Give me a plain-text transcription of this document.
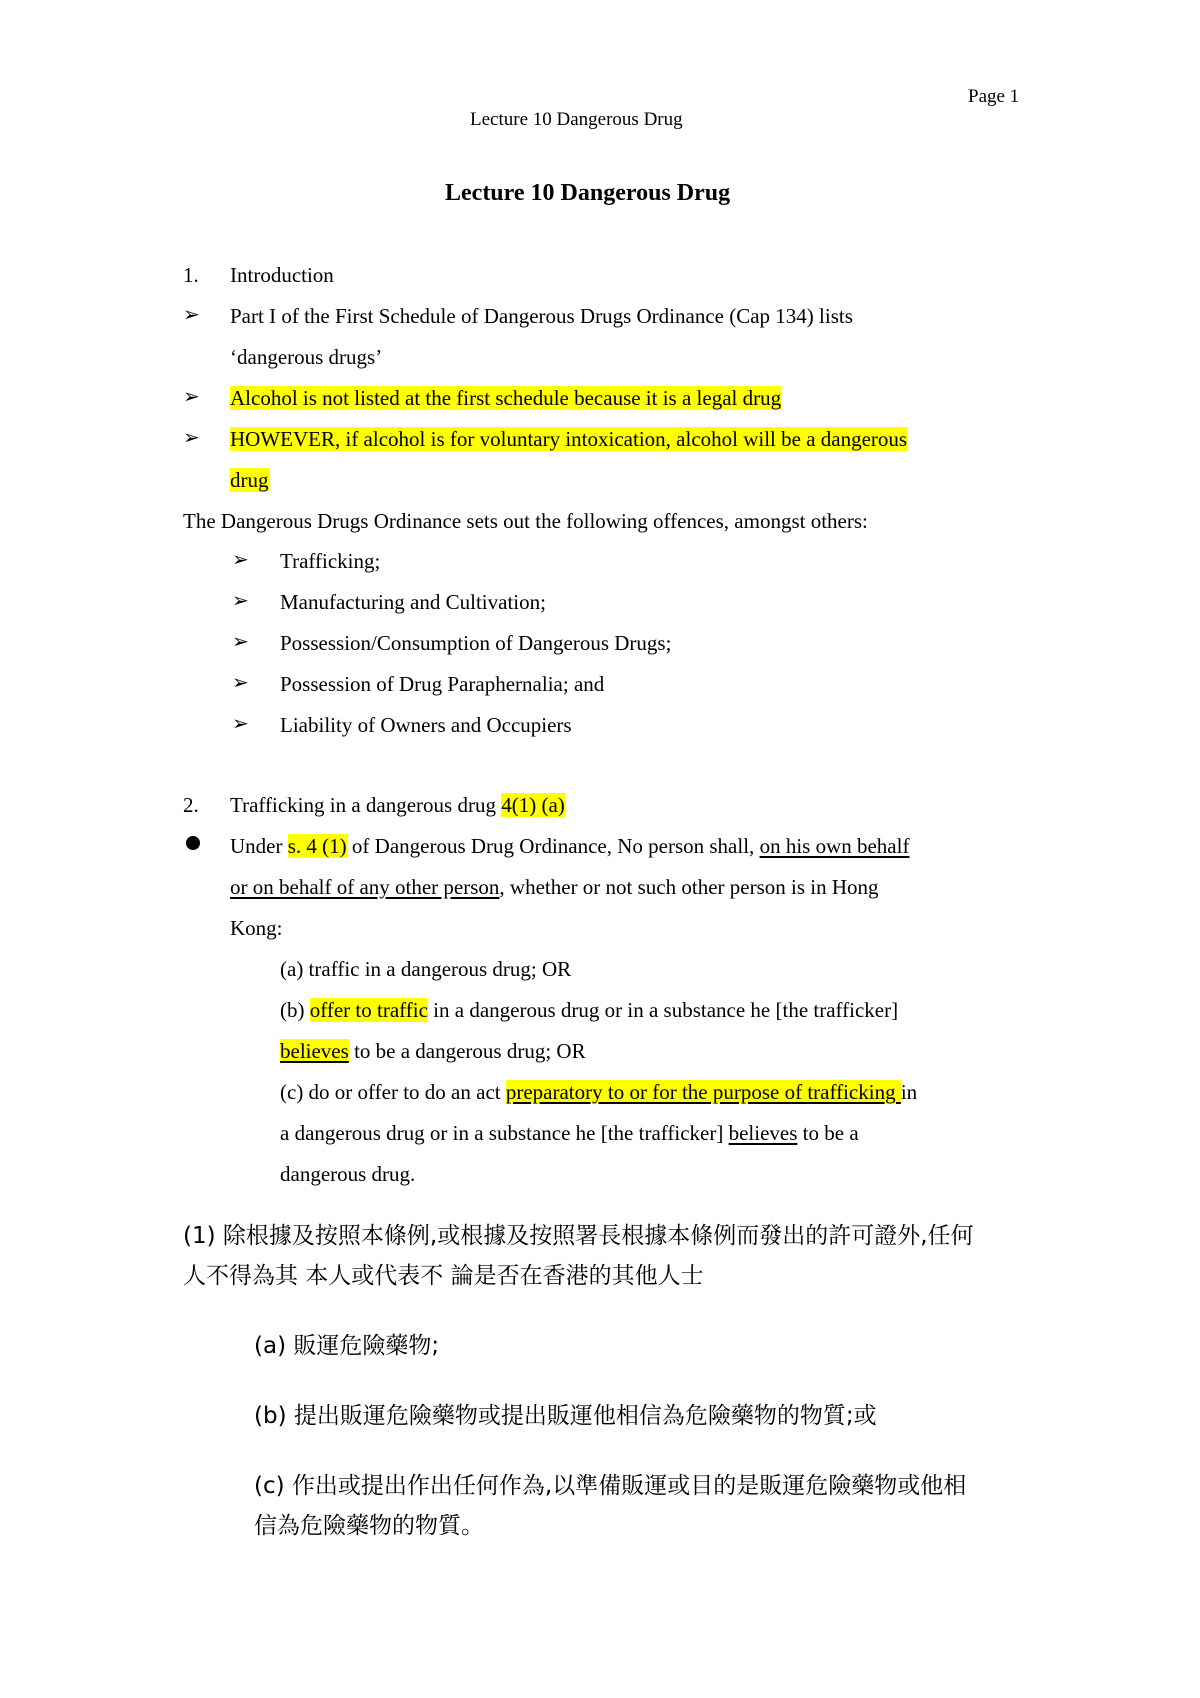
Page 1
Lecture 10 Dangerous Drug
Lecture 10 Dangerous Drug
1. Introduction
➢ Part I of the First Schedule of Dangerous Drugs Ordinance (Cap 134) lists
‘dangerous drugs’
➢ Alcohol is not listed at the first schedule because it is a legal drug
➢ HOWEVER, if alcohol is for voluntary intoxication, alcohol will be a dangerous
drug
The Dangerous Drugs Ordinance sets out the following offences, amongst others:
➢ Trafficking;
➢ Manufacturing and Cultivation;
➢ Possession/Consumption of Dangerous Drugs;
➢ Possession of Drug Paraphernalia; and
➢ Liability of Owners and Occupiers
2. Trafficking in a dangerous drug 4(1) (a)
Under s. 4 (1) of Dangerous Drug Ordinance, No person shall, on his own behalf
or on behalf of any other person, whether or not such other person is in Hong
Kong:
(a) traffic in a dangerous drug; OR
(b) offer to traffic in a dangerous drug or in a substance he [the trafficker]
believes to be a dangerous drug; OR
(c) do or offer to do an act preparatory to or for the purpose of trafficking in
a dangerous drug or in a substance he [the trafficker] believes to be a
dangerous drug.
(1) 除根據及按照本條例,或根據及按照署長根據本條例而發出的許可證外,任何
人不得為其 本人或代表不 論是否在香港的其他人士
(a) 販運危險藥物;
(b) 提出販運危險藥物或提出販運他相信為危險藥物的物質;或
(c) 作出或提出作出任何作為,以準備販運或目的是販運危險藥物或他相
信為危險藥物的物質。
